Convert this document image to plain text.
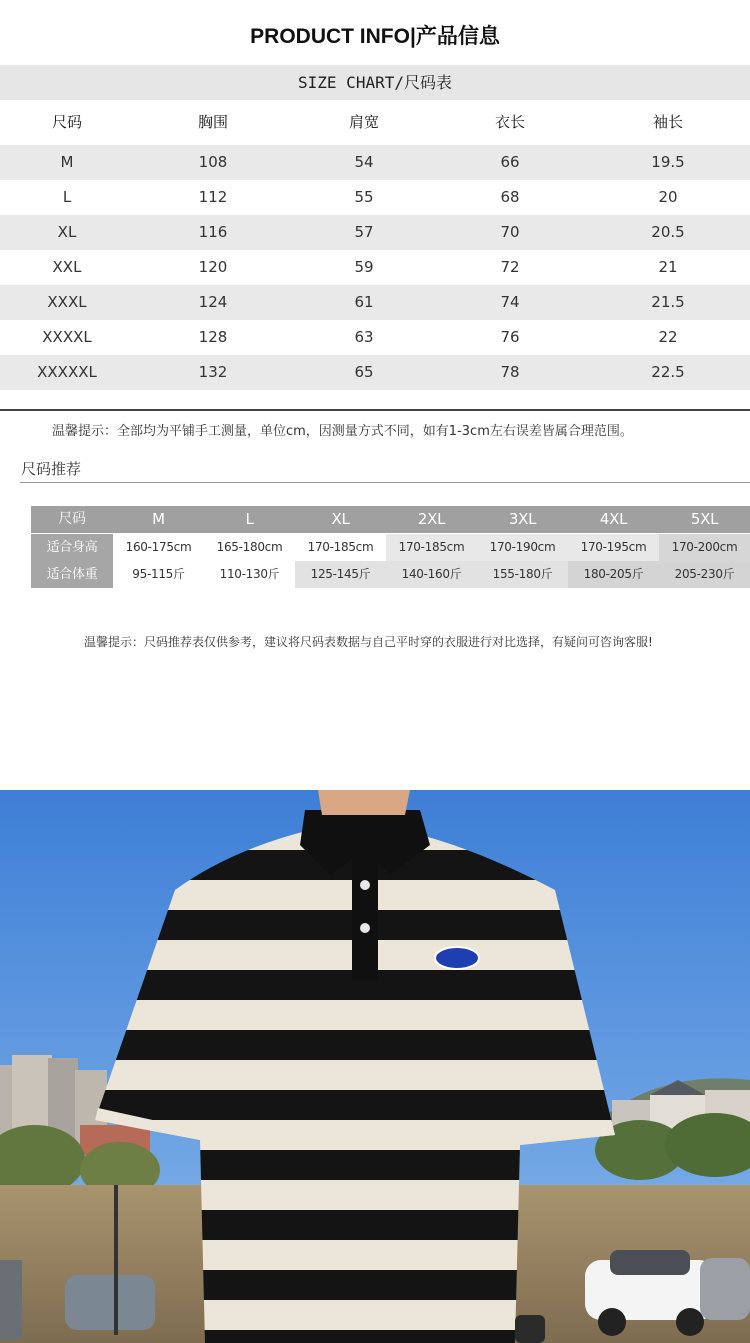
PRODUCT INFO|产品信息
SIZE CHART/尺码表
尺码	胸围	肩宽	衣长	袖长
M	108	54	66	19.5
L	112	55	68	20
XL	116	57	70	20.5
XXL	120	59	72	21
XXXL	124	61	74	21.5
XXXXL	128	63	76	22
XXXXXL	132	65	78	22.5
温馨提示：全部均为平铺手工测量，单位cm，因测量方式不同，如有1-3cm左右误差皆属合理范围。
尺码推荐
尺码	M	L	XL	2XL	3XL	4XL	5XL
适合身高	160-175cm	165-180cm	170-185cm	170-185cm	170-190cm	170-195cm	170-200cm
适合体重	95-115斤	110-130斤	125-145斤	140-160斤	155-180斤	180-205斤	205-230斤
温馨提示：尺码推荐表仅供参考，建议将尺码表数据与自己平时穿的衣服进行对比选择，有疑问可咨询客服!
